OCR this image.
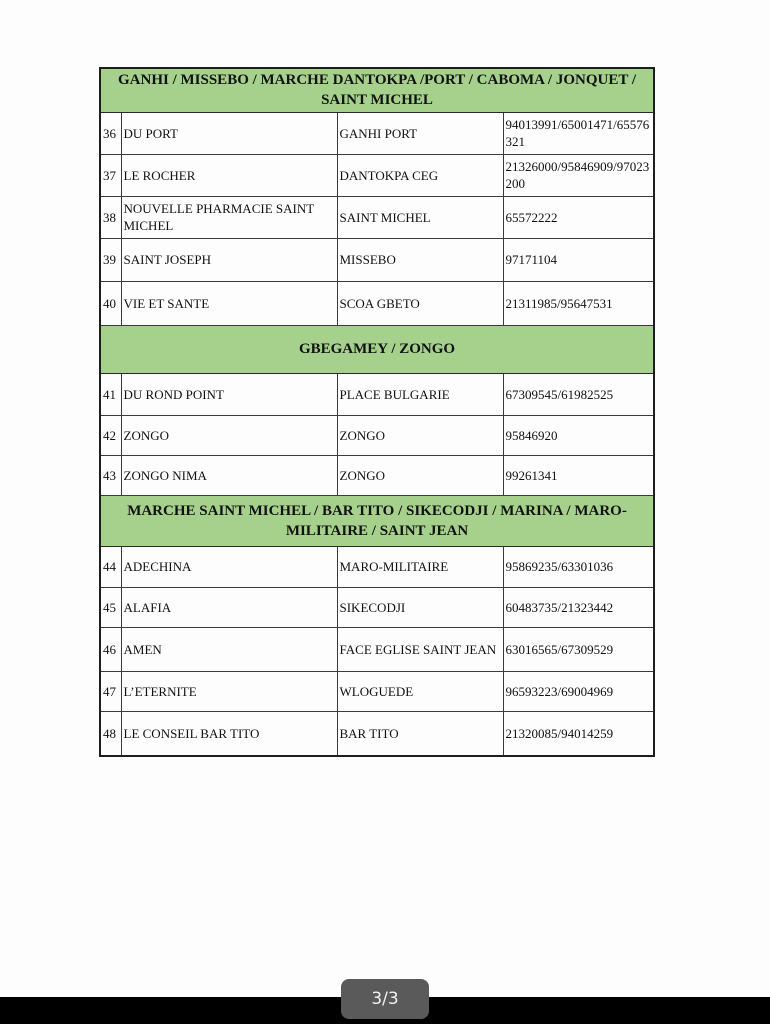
GANHI / MISSEBO / MARCHE DANTOKPA /PORT / CABOMA / JONQUET / SAINT MICHEL			
36	DU PORT	GANHI PORT	94013991/65001471/65576321
37	LE ROCHER	DANTOKPA CEG	21326000/95846909/97023200
38	NOUVELLE PHARMACIE SAINT MICHEL	SAINT MICHEL	65572222
39	SAINT JOSEPH	MISSEBO	97171104
40	VIE ET SANTE	SCOA GBETO	21311985/95647531
GBEGAMEY / ZONGO			
41	DU ROND POINT	PLACE BULGARIE	67309545/61982525
42	ZONGO	ZONGO	95846920
43	ZONGO NIMA	ZONGO	99261341
MARCHE SAINT MICHEL / BAR TITO / SIKECODJI / MARINA / MARO-MILITAIRE / SAINT JEAN			
44	ADECHINA	MARO-MILITAIRE	95869235/63301036
45	ALAFIA	SIKECODJI	60483735/21323442
46	AMEN	FACE EGLISE SAINT JEAN	63016565/67309529
47	L’ETERNITE	WLOGUEDE	96593223/69004969
48	LE CONSEIL BAR TITO	BAR TITO	21320085/94014259
3/3
